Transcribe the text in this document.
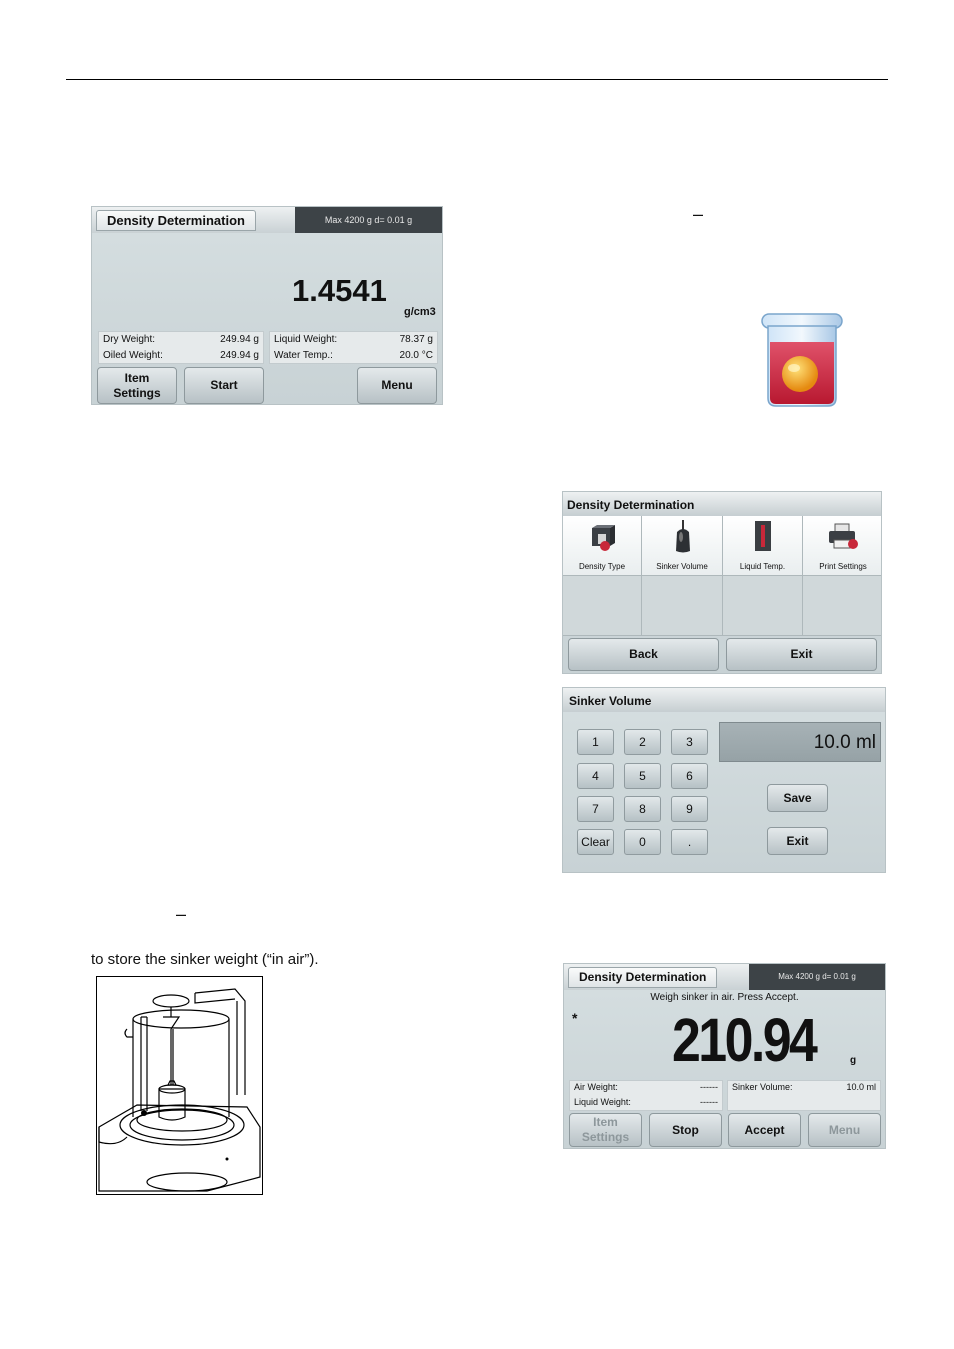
Density Determination	Max 4200 g d= 0.01 g
1.4541
g/cm3
Dry Weight:	249.94 g
Oiled Weight:	249.94 g
Liquid Weight:	78.37 g
Water Temp.:	20.0 °C
Item
Settings
Start	Menu
–
Density Determination
Density Type	Sinker Volume	Liquid Temp.	Print Settings
Back	Exit
Sinker Volume
1	2	3
4	5	6
7	8	9
Clear	0	.
10.0 ml
Save
Exit
–
to store the sinker weight (“in air”).
Density Determination	Max 4200 g d= 0.01 g
Weigh sinker in air. Press Accept.
* 210.94	g
Air Weight:	------
Liquid Weight:	------
Sinker Volume:	10.0 ml
Item
Settings
Stop	Accept	Menu
